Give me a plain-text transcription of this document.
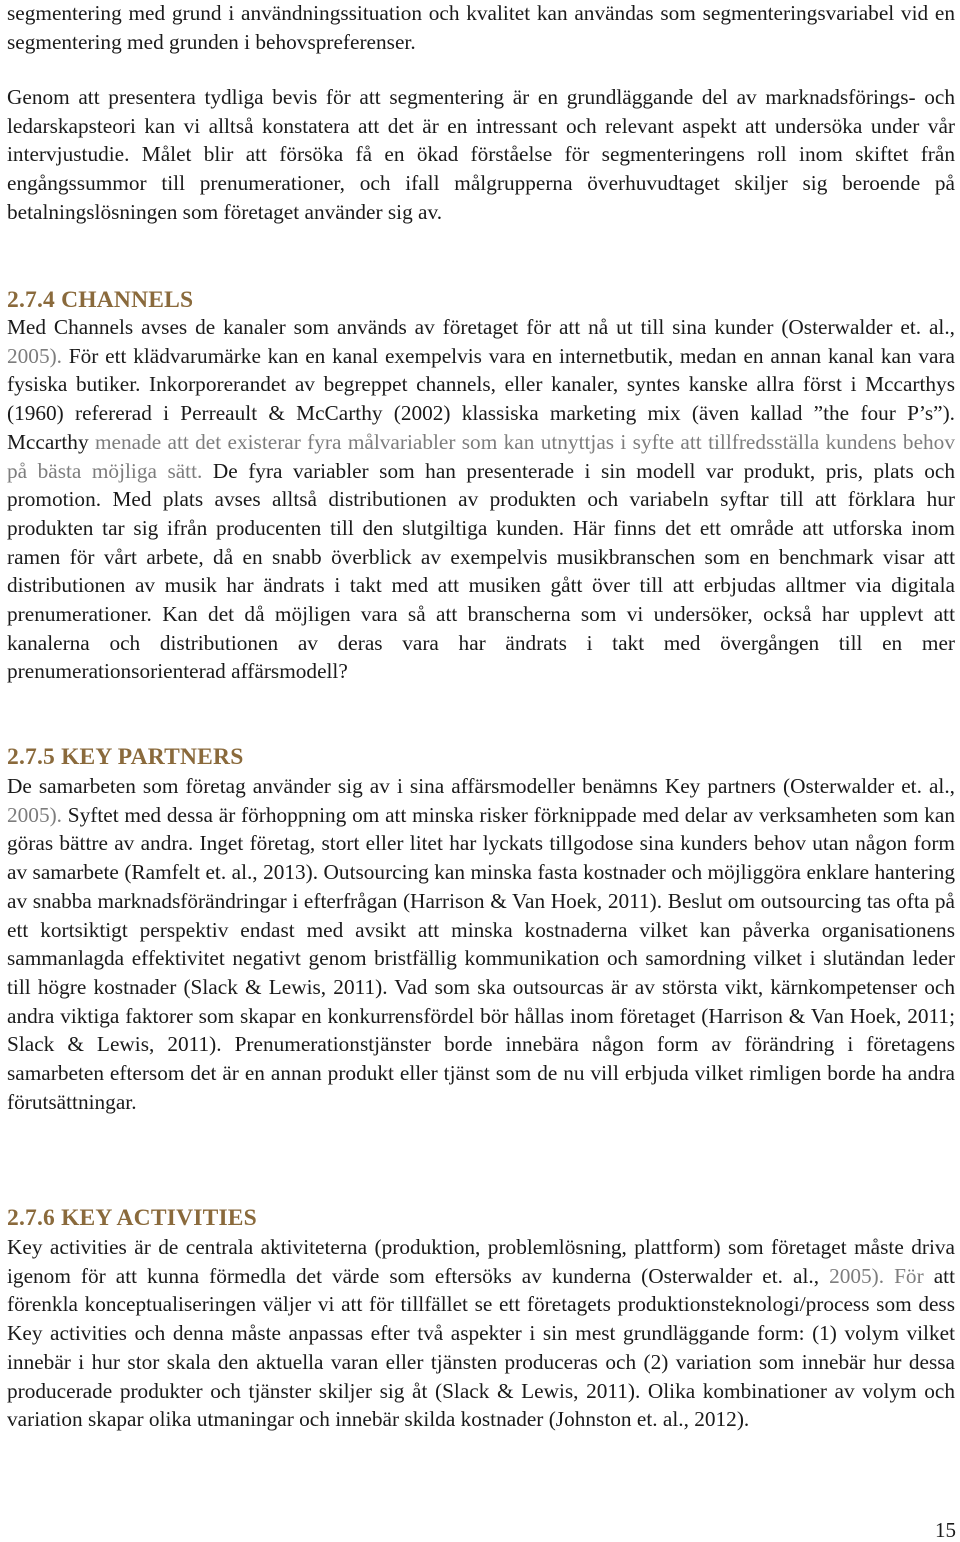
segmentering med grund i användningssituation och kvalitet kan användas som segmenteringsvariabel vid en segmentering med grunden i behovspreferenser.

Genom att presentera tydliga bevis för att segmentering är en grundläggande del av marknadsförings- och ledarskapsteori kan vi alltså konstatera att det är en intressant och relevant aspekt att undersöka under vår intervjustudie. Målet blir att försöka få en ökad förståelse för segmenteringens roll inom skiftet från engångssummor till prenumerationer, och ifall målgrupperna överhuvudtaget skiljer sig beroende på betalningslösningen som företaget använder sig av.

2.7.4 CHANNELS

Med Channels avses de kanaler som används av företaget för att nå ut till sina kunder (Osterwalder et. al., 2005). För ett klädvarumärke kan en kanal exempelvis vara en internetbutik, medan en annan kanal kan vara fysiska butiker. Inkorporerandet av begreppet channels, eller kanaler, syntes kanske allra först i Mccarthys (1960) refererad i Perreault & McCarthy (2002) klassiska marketing mix (även kallad ”the four P’s”). Mccarthy menade att det existerar fyra målvariabler som kan utnyttjas i syfte att tillfredsställa kundens behov på bästa möjliga sätt. De fyra variabler som han presenterade i sin modell var produkt, pris, plats och promotion. Med plats avses alltså distributionen av produkten och variabeln syftar till att förklara hur produkten tar sig ifrån producenten till den slutgiltiga kunden. Här finns det ett område att utforska inom ramen för vårt arbete, då en snabb överblick av exempelvis musikbranschen som en benchmark visar att distributionen av musik har ändrats i takt med att musiken gått över till att erbjudas alltmer via digitala prenumerationer. Kan det då möjligen vara så att branscherna som vi undersöker, också har upplevt att kanalerna och distributionen av deras vara har ändrats i takt med övergången till en mer prenumerationsorienterad affärsmodell?

2.7.5 KEY PARTNERS

De samarbeten som företag använder sig av i sina affärsmodeller benämns Key partners (Osterwalder et. al., 2005). Syftet med dessa är förhoppning om att minska risker förknippade med delar av verksamheten som kan göras bättre av andra. Inget företag, stort eller litet har lyckats tillgodose sina kunders behov utan någon form av samarbete (Ramfelt et. al., 2013). Outsourcing kan minska fasta kostnader och möjliggöra enklare hantering av snabba marknadsförändringar i efterfrågan (Harrison & Van Hoek, 2011). Beslut om outsourcing tas ofta på ett kortsiktigt perspektiv endast med avsikt att minska kostnaderna vilket kan påverka organisationens sammanlagda effektivitet negativt genom bristfällig kommunikation och samordning vilket i slutändan leder till högre kostnader (Slack & Lewis, 2011). Vad som ska outsourcas är av största vikt, kärnkompetenser och andra viktiga faktorer som skapar en konkurrensfördel bör hållas inom företaget (Harrison & Van Hoek, 2011; Slack & Lewis, 2011). Prenumerationstjänster borde innebära någon form av förändring i företagens samarbeten eftersom det är en annan produkt eller tjänst som de nu vill erbjuda vilket rimligen borde ha andra förutsättningar.

2.7.6 KEY ACTIVITIES

Key activities är de centrala aktiviteterna (produktion, problemlösning, plattform) som företaget måste driva igenom för att kunna förmedla det värde som eftersöks av kunderna (Osterwalder et. al., 2005). För att förenkla konceptualiseringen väljer vi att för tillfället se ett företagets produktionsteknologi/process som dess Key activities och denna måste anpassas efter två aspekter i sin mest grundläggande form: (1) volym vilket innebär i hur stor skala den aktuella varan eller tjänsten produceras och (2) variation som innebär hur dessa producerade produkter och tjänster skiljer sig åt (Slack & Lewis, 2011). Olika kombinationer av volym och variation skapar olika utmaningar och innebär skilda kostnader (Johnston et. al., 2012).

15
